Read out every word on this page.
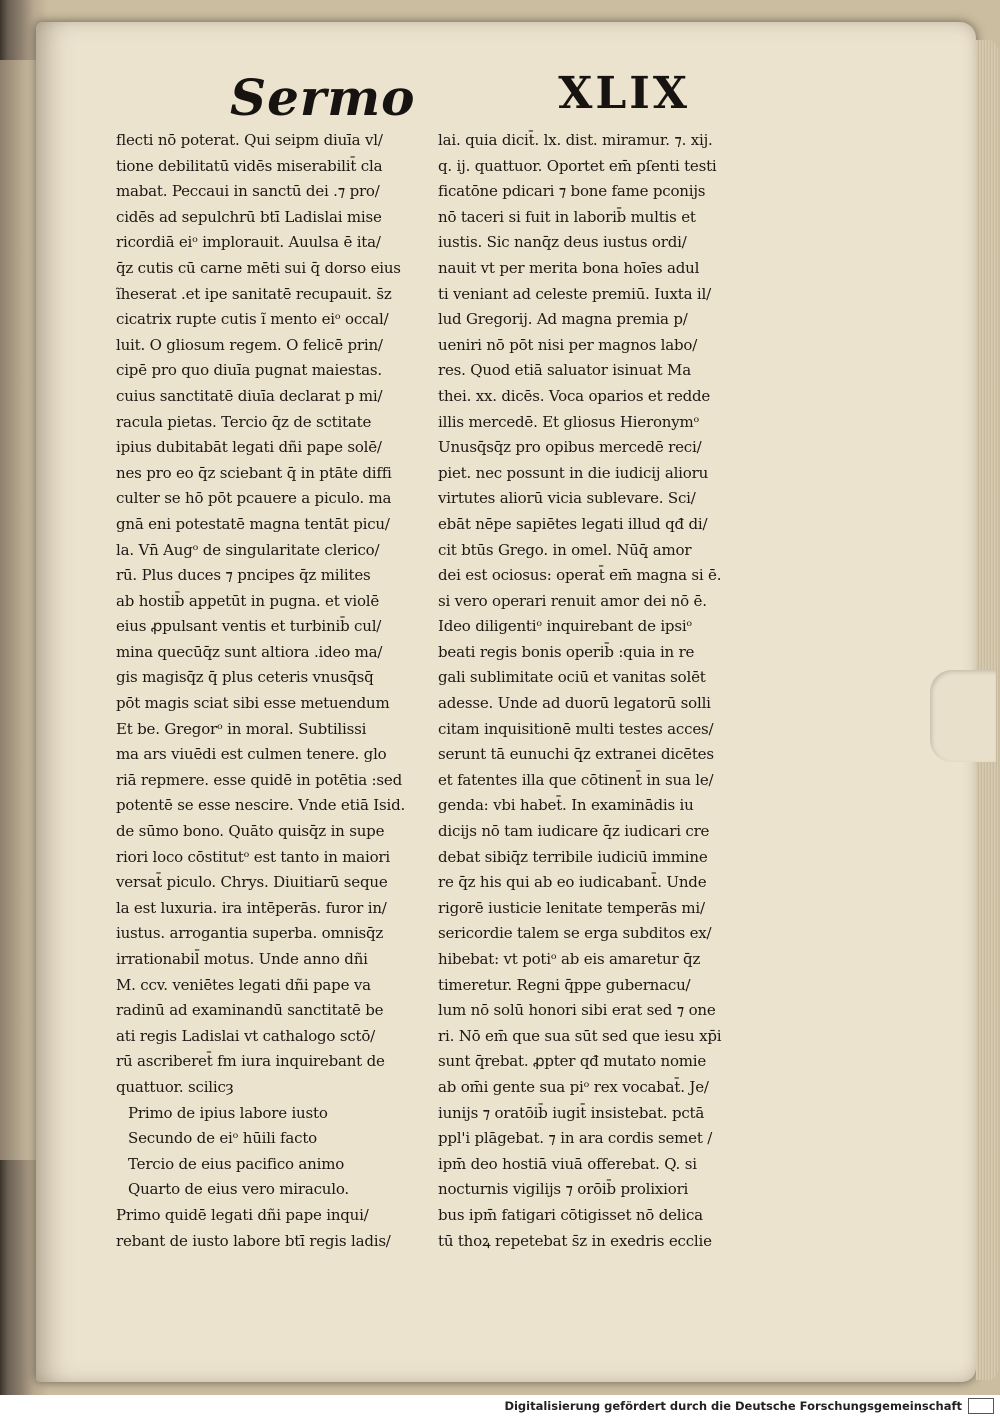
Sermo	XLIX
flecti nō poterat. Qui seipm diuīa vl/
tione debilitatū vidēs miserabilit̄ cla
mabat. Peccaui in sanctū dei .⁊ pro/
cidēs ad sepulchrū btī Ladislai mise
ricordiā eiᵒ implorauit. Auulsa ē ita/
q̄z cutis cū carne mēti sui q̄ dorso eius
ĩheserat .et ipe sanitatē recupauit. s̄z
cicatrix rupte cutis ĩ mento eiᵒ occal/
luit. O gliosum regem. O felicē prin/
cipē pro quo diuīa pugnat maiestas.
cuius sanctitatē diuīa declarat p mi/
racula pietas. Tercio q̄z de sctitate
ipius dubitabāt legati dñi pape solē/
nes pro eo q̄z sciebant q̄ in ptāte diffi
culter se hō pōt pcauere a piculo. ma
gnā eni potestatē magna tentāt picu/
la. Vn̄ Augᵒ de singularitate clerico/
rū. Plus duces ⁊ pncipes q̄z milites
ab hostib̄ appetūt in pugna. et violē
eius ꝓpulsant ventis et turbinib̄ cul/
mina quecūq̄z sunt altiora .ideo ma/
gis magisq̄z q̄ plus ceteris vnusq̄sq̄
pōt magis sciat sibi esse metuendum
Et be. Gregorᵒ in moral. Subtilissi
ma ars viuēdi est culmen tenere. glo
riā repmere. esse quidē in potētia :sed
potentē se esse nescire. Vnde etiā Isid.
de sūmo bono. Quāto quisq̄z in supe
riori loco cōstitutᵒ est tanto in maiori
versat̄ piculo. Chrys. Diuitiarū seque
la est luxuria. ira intēperās. furor in/
iustus. arrogantia superba. omnisq̄z
irrationabil̄ motus. Unde anno dñi
M. ccv. veniētes legati dñi pape va
radinū ad examinandū sanctitatē be
ati regis Ladislai vt cathalogo sctō/
rū ascriberet̄ fm iura inquirebant de
quattuor. scilicȝ
Primo de ipius labore iusto
Secundo de eiᵒ hūili facto
Tercio de eius pacifico animo
Quarto de eius vero miraculo.
Primo quidē legati dñi pape inqui/
rebant de iusto labore btī regis ladis/
lai. quia dicit̄. lx. dist. miramur. ⁊. xij.
q. ij. quattuor. Oportet em̄ pſenti testi
ficatōne pdicari ⁊ bone fame pconijs
nō taceri si fuit in laborib̄ multis et
iustis. Sic nanq̄z deus iustus ordi/
nauit vt per merita bona hoīes adul
ti veniant ad celeste premiū. Iuxta il/
lud Gregorij. Ad magna premia p/
ueniri nō pōt nisi per magnos labo/
res. Quod etiā saluator isinuat Ma
thei. xx. dicēs. Voca oparios et redde
illis mercedē. Et gliosus Hieronymᵒ
Unusq̄sq̄z pro opibus mercedē reci/
piet. nec possunt in die iudicij alioru
virtutes aliorū vicia sublevare. Sci/
ebāt nēpe sapiētes legati illud qđ di/
cit btūs Grego. in omel. Nūq̄ amor
dei est ociosus: operat̄ em̄ magna si ē.
si vero operari renuit amor dei nō ē.
Ideo diligentiᵒ inquirebant de ipsiᵒ
beati regis bonis operib̄ :quia in re
gali sublimitate ociū et vanitas solēt
adesse. Unde ad duorū legatorū solli
citam inquisitionē multi testes acces/
serunt tā eunuchi q̄z extranei dicētes
et fatentes illa que cōtinent̄ in sua le/
genda: vbi habet̄. In examinādis iu
dicijs nō tam iudicare q̄z iudicari cre
debat sibiq̄z terribile iudiciū immine
re q̄z his qui ab eo iudicabant̄. Unde
rigorē iusticie lenitate temperās mi/
sericordie talem se erga subditos ex/
hibebat: vt potiᵒ ab eis amaretur q̄z
timeretur. Regni q̄ppe gubernacu/
lum nō solū honori sibi erat sed ⁊ one
ri. Nō em̄ que sua sūt sed que iesu xp̄i
sunt q̄rebat. ꝓpter qđ mutato nomie
ab om̄i gente sua piᵒ rex vocabat̄. Je/
iunijs ⁊ oratōib̄ iugit̄ insistebat. pctā
ppl'i plāgebat. ⁊ in ara cordis semet /
ipm̄ deo hostiā viuā offerebat. Q. si
nocturnis vigilijs ⁊ orōib̄ prolixiori
bus ipm̄ fatigari cōtigisset nō delica
tū thoꝝ repetebat s̄z in exedris ecclie
Digitalisierung gefördert durch die Deutsche Forschungsgemeinschaft
